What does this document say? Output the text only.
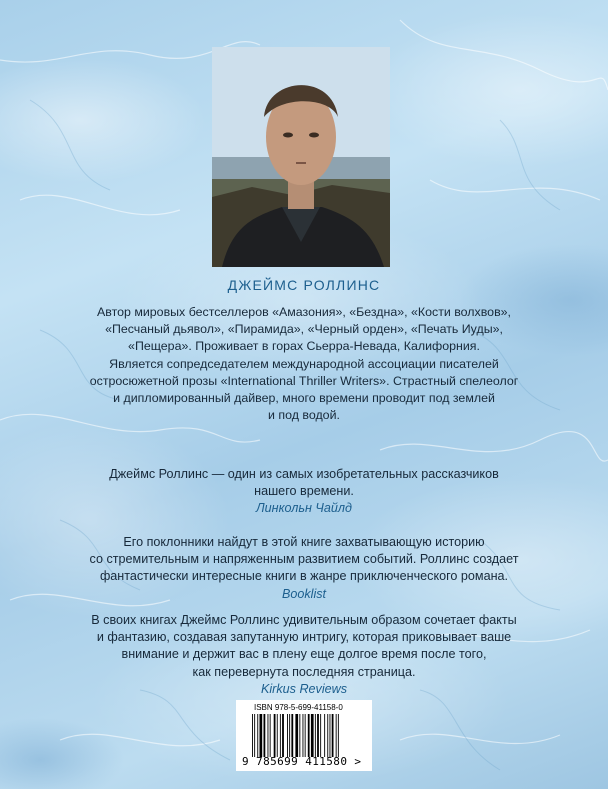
ДЖЕЙМС РОЛЛИНС

Автор мировых бестселлеров «Амазония», «Бездна», «Кости волхвов»,

«Песчаный дьявол», «Пирамида», «Черный орден», «Печать Иуды»,

«Пещера». Проживает в горах Сьерра-Невада, Калифорния.

Является сопредседателем международной ассоциации писателей

остросюжетной прозы «International Thriller Writers». Страстный спелеолог

и дипломированный дайвер, много времени проводит под землей

и под водой.

Джеймс Роллинс — один из самых изобретательных рассказчиков

нашего времени.

Линкольн Чайлд

Его поклонники найдут в этой книге захватывающую историю

со стремительным и напряженным развитием событий. Роллинс создает

фантастически интересные книги в жанре приключенческого романа.

Booklist

В своих книгах Джеймс Роллинс удивительным образом сочетает факты

и фантазию, создавая запутанную интригу, которая приковывает ваше

внимание и держит вас в плену еще долгое время после того,

как перевернута последняя страница.

Kirkus Reviews

ISBN 978-5-699-41158-0
9 785699 411580 >
